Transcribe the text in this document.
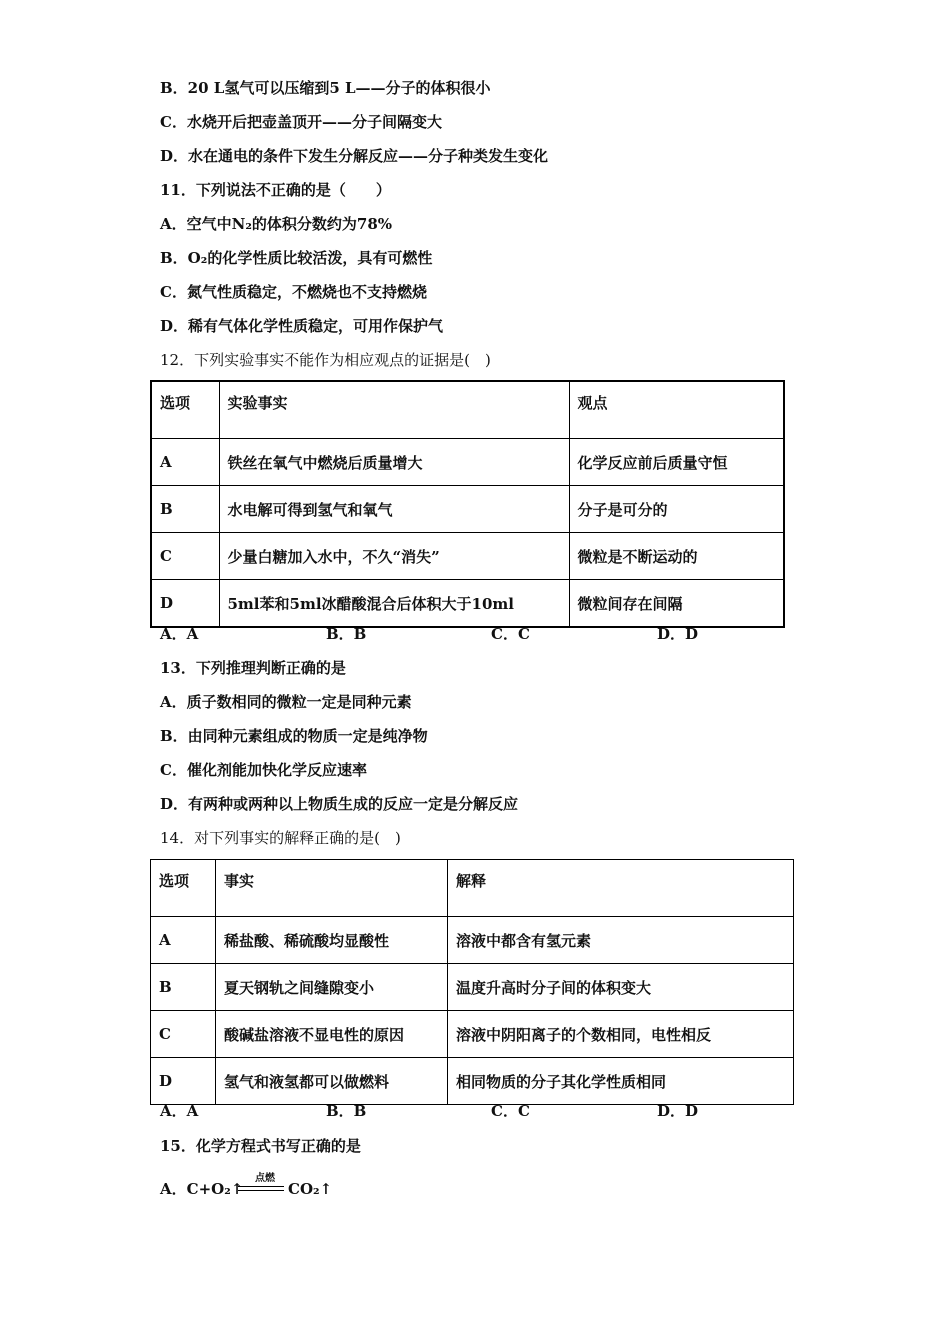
B．20 L氢气可以压缩到5 L——分子的体积很小
C．水烧开后把壶盖顶开——分子间隔变大
D．水在通电的条件下发生分解反应——分子种类发生变化
11．下列说法不正确的是（　　）
A．空气中N₂的体积分数约为78%
B．O₂的化学性质比较活泼，具有可燃性
C．氮气性质稳定，不燃烧也不支持燃烧
D．稀有气体化学性质稳定，可用作保护气
12．下列实验事实不能作为相应观点的证据是(　)
选项	实验事实	观点
A	铁丝在氧气中燃烧后质量增大	化学反应前后质量守恒
B	水电解可得到氢气和氧气	分子是可分的
C	少量白糖加入水中，不久“消失”	微粒是不断运动的
D	5ml苯和5ml冰醋酸混合后体积大于10ml	微粒间存在间隔
A．A	B．B	C．C	D．D
13．下列推理判断正确的是
A．质子数相同的微粒一定是同种元素
B．由同种元素组成的物质一定是纯净物
C．催化剂能加快化学反应速率
D．有两种或两种以上物质生成的反应一定是分解反应
14．对下列事实的解释正确的是(　)
选项	事实	解释
A	稀盐酸、稀硫酸均显酸性	溶液中都含有氢元素
B	夏天钢轨之间缝隙变小	温度升高时分子间的体积变大
C	酸碱盐溶液不显电性的原因	溶液中阴阳离子的个数相同，电性相反
D	氢气和液氢都可以做燃料	相同物质的分子其化学性质相同
A．A	B．B	C．C	D．D
15．化学方程式书写正确的是
A．C+O₂↑
点燃
CO₂↑
